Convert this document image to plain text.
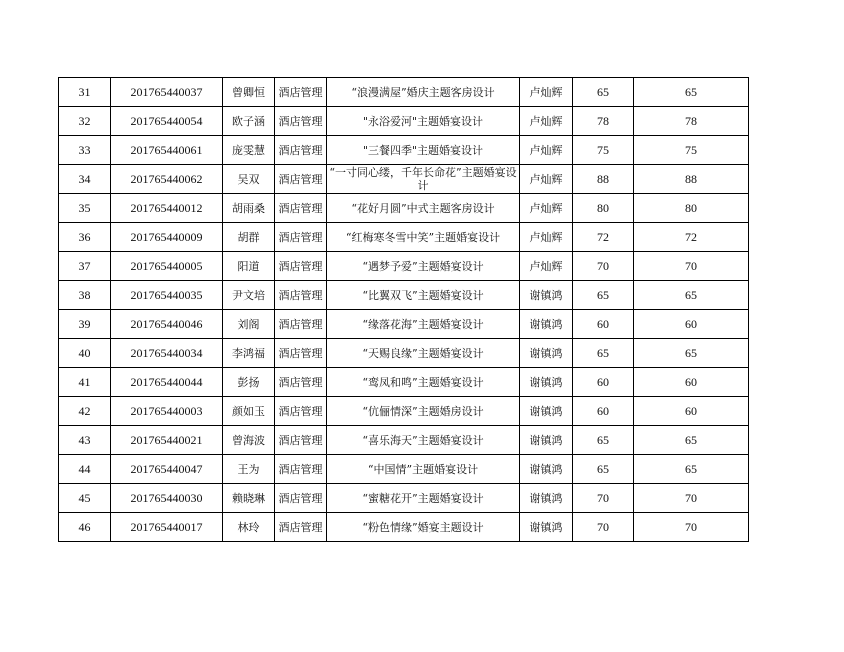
31	201765440037	曾卿恒	酒店管理	“浪漫满屋”婚庆主题客房设计	卢灿辉	65	65
32	201765440054	欧子涵	酒店管理	"永浴爱河"主题婚宴设计	卢灿辉	78	78
33	201765440061	庞雯慧	酒店管理	"三餐四季"主题婚宴设计	卢灿辉	75	75
34	201765440062	吴双	酒店管理	“一寸同心缕，千年长命花”主题婚宴设计	卢灿辉	88	88
35	201765440012	胡雨桑	酒店管理	“花好月圆”中式主题客房设计	卢灿辉	80	80
36	201765440009	胡群	酒店管理	“红梅寒冬雪中笑”主题婚宴设计	卢灿辉	72	72
37	201765440005	阳道	酒店管理	“遇梦予爱”主题婚宴设计	卢灿辉	70	70
38	201765440035	尹文培	酒店管理	“比翼双飞”主题婚宴设计	谢镇鸿	65	65
39	201765440046	刘阁	酒店管理	“缘落花海”主题婚宴设计	谢镇鸿	60	60
40	201765440034	李鸿福	酒店管理	“天赐良缘”主题婚宴设计	谢镇鸿	65	65
41	201765440044	彭扬	酒店管理	“鸾凤和鸣”主题婚宴设计	谢镇鸿	60	60
42	201765440003	颜如玉	酒店管理	“伉俪情深”主题婚房设计	谢镇鸿	60	60
43	201765440021	曾海波	酒店管理	“喜乐海天”主题婚宴设计	谢镇鸿	65	65
44	201765440047	王为	酒店管理	“中国情”主题婚宴设计	谢镇鸿	65	65
45	201765440030	赖晓琳	酒店管理	“蜜糖花开”主题婚宴设计	谢镇鸿	70	70
46	201765440017	林玲	酒店管理	“粉色情缘”婚宴主题设计	谢镇鸿	70	70
